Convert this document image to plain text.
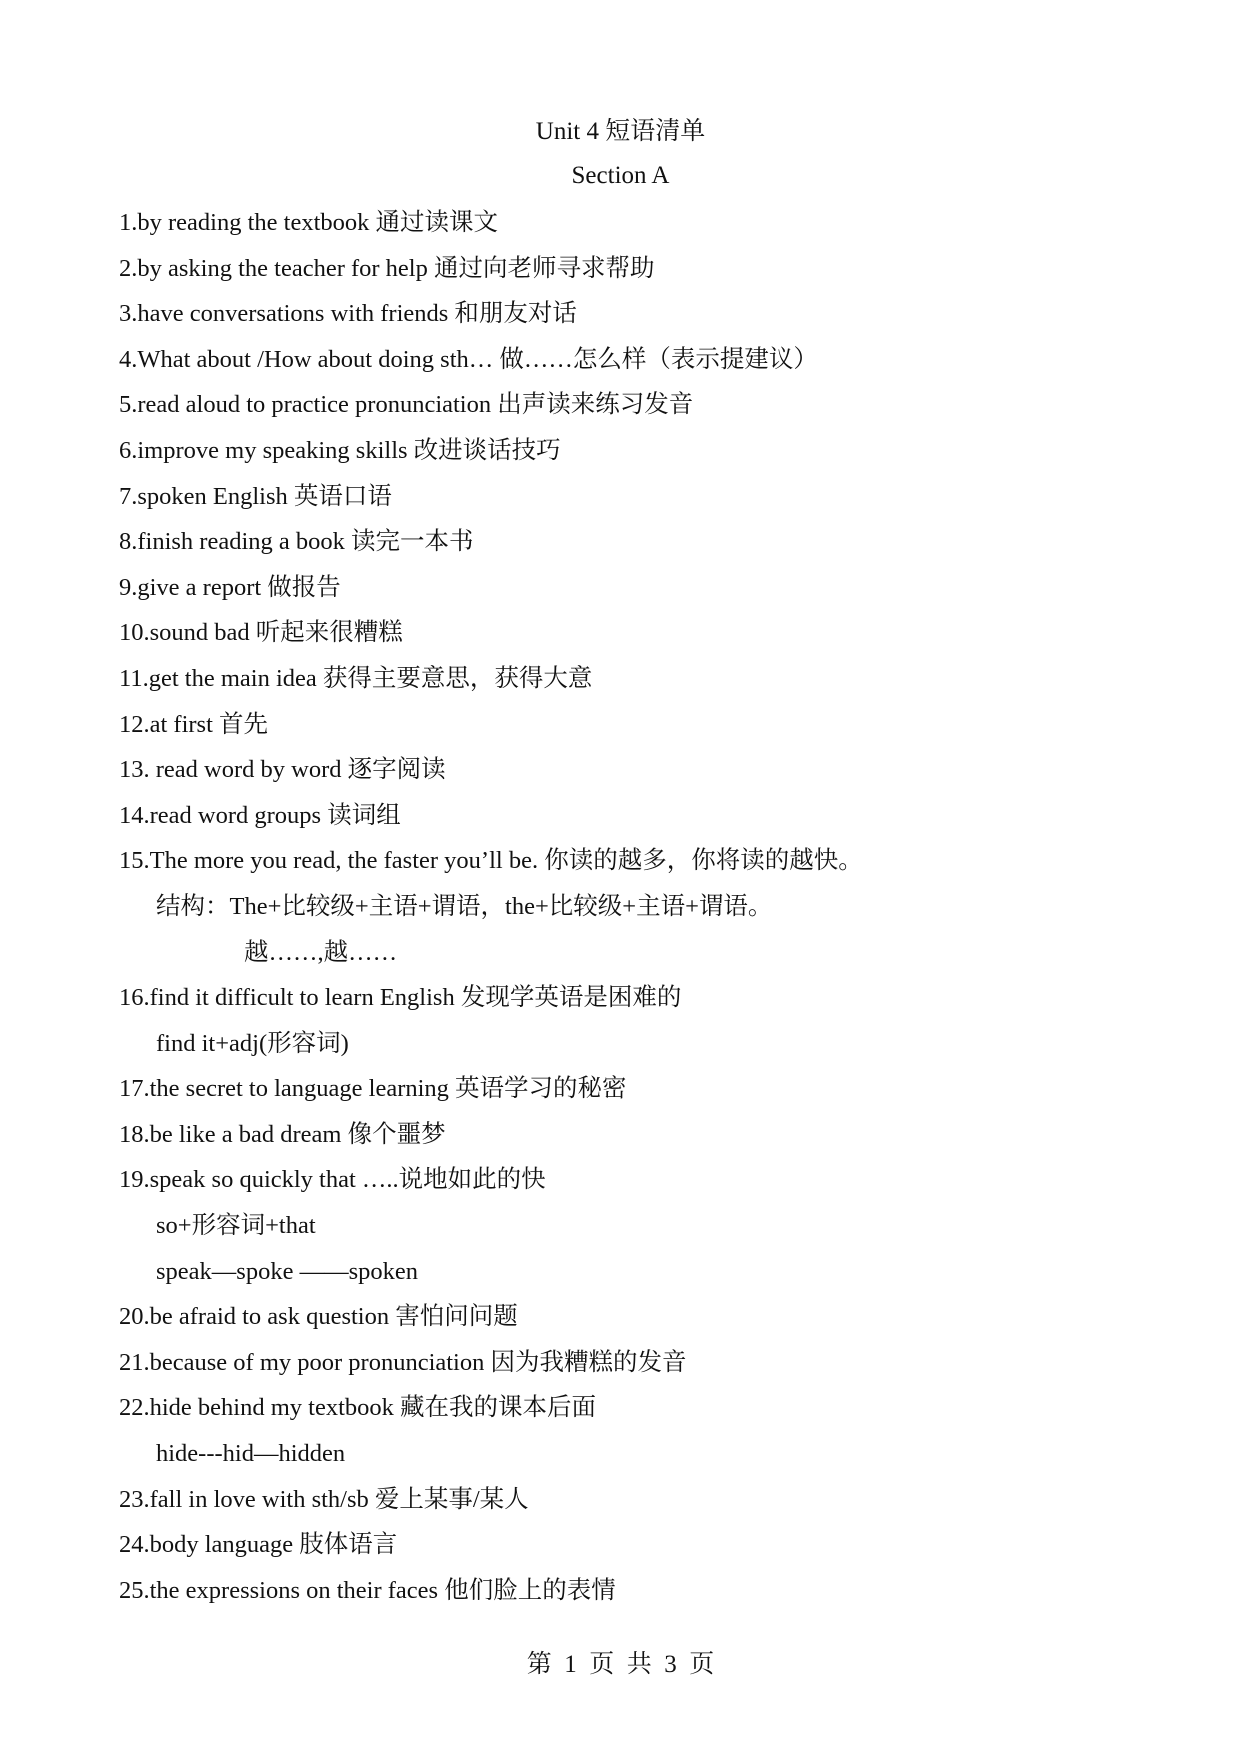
Unit 4 短语清单
Section A
1.by reading the textbook 通过读课文
2.by asking the teacher for help 通过向老师寻求帮助
3.have conversations with friends 和朋友对话
4.What about /How about doing sth… 做……怎么样（表示提建议）
5.read aloud to practice pronunciation 出声读来练习发音
6.improve my speaking skills 改进谈话技巧
7.spoken English 英语口语
8.finish reading a book 读完一本书
9.give a report 做报告
10.sound bad 听起来很糟糕
11.get the main idea 获得主要意思，获得大意
12.at first 首先
13. read word by word 逐字阅读
14.read word groups 读词组
15.The more you read, the faster you’ll be. 你读的越多，你将读的越快。
结构：The+比较级+主语+谓语，the+比较级+主语+谓语。
越……,越……
16.find it difficult to learn English 发现学英语是困难的
find it+adj(形容词)
17.the secret to language learning 英语学习的秘密
18.be like a bad dream 像个噩梦
19.speak so quickly that …..说地如此的快
so+形容词+that
speak—spoke ——spoken
20.be afraid to ask question 害怕问问题
21.because of my poor pronunciation 因为我糟糕的发音
22.hide behind my textbook 藏在我的课本后面
hide---hid—hidden
23.fall in love with sth/sb 爱上某事/某人
24.body language 肢体语言
25.the expressions on their faces 他们脸上的表情
第  1  页  共  3  页
